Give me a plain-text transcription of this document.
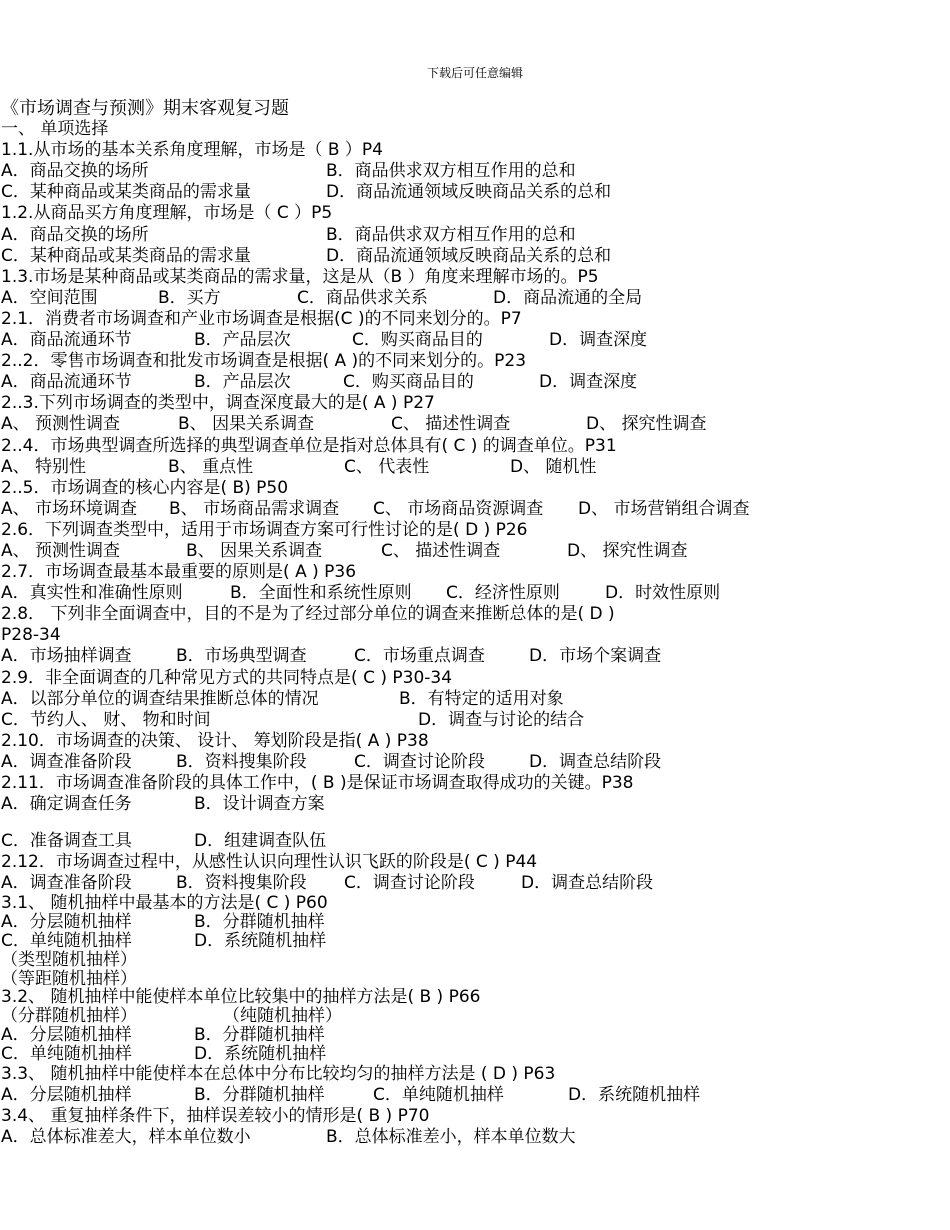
下载后可任意编辑
《市场调查与预测》期末客观复习题
一、 单项选择
1.1.从市场的基本关系角度理解，市场是（ B ）P4
A．商品交换的场所	B．商品供求双方相互作用的总和
C．某种商品或某类商品的需求量	D．商品流通领域反映商品关系的总和
1.2.从商品买方角度理解，市场是（ C ）P5
A．商品交换的场所	B．商品供求双方相互作用的总和
C．某种商品或某类商品的需求量	D．商品流通领域反映商品关系的总和
1.3.市场是某种商品或某类商品的需求量，这是从（B ）角度来理解市场的。P5
A．空间范围	B．买方	C．商品供求关系	D．商品流通的全局
2.1．消费者市场调查和产业市场调查是根据(C )的不同来划分的。P7
A．商品流通环节	B．产品层次	C．购买商品目的	D．调查深度
2..2．零售市场调查和批发市场调查是根据( A )的不同来划分的。P23
A．商品流通环节	B．产品层次	C．购买商品目的	D．调查深度
2..3.下列市场调查的类型中，调查深度最大的是( A ) P27
A、 预测性调查	B、 因果关系调查	C、 描述性调查	D、 探究性调查
2..4．市场典型调查所选择的典型调查单位是指对总体具有( C ) 的调查单位。P31
A、 特别性	B、 重点性	C、 代表性	D、 随机性
2..5．市场调查的核心内容是( B) P50
A、 市场环境调查 B、 市场商品需求调查 C、 市场商品资源调查 D、 市场营销组合调查
2.6．下列调查类型中，适用于市场调查方案可行性讨论的是( D ) P26
A、 预测性调查	B、 因果关系调查	C、 描述性调查	D、 探究性调查
2.7．市场调查最基本最重要的原则是( A ) P36
A．真实性和准确性原则	B．全面性和系统性原则 C．经济性原则	D．时效性原则
2.8． 下列非全面调查中，目的不是为了经过部分单位的调查来推断总体的是( D )
P28-34
A．市场抽样调查	B．市场典型调查	C．市场重点调查	D．市场个案调查
2.9．非全面调查的几种常见方式的共同特点是( C ) P30-34
A．以部分单位的调查结果推断总体的情况	B．有特定的适用对象
C．节约人、 财、 物和时间	D．调查与讨论的结合
2.10．市场调查的决策、 设计、 筹划阶段是指( A ) P38
A．调查准备阶段	B．资料搜集阶段	C．调查讨论阶段	D．调查总结阶段
2.11．市场调查准备阶段的具体工作中，( B )是保证市场调查取得成功的关键。P38
A．确定调查任务	B．设计调查方案
C．准备调查工具	D．组建调查队伍
2.12．市场调查过程中，从感性认识向理性认识飞跃的阶段是( C ) P44
A．调查准备阶段	B．资料搜集阶段 C．调查讨论阶段	D．调查总结阶段
3.1、 随机抽样中最基本的方法是( C ) P60
A．分层随机抽样	B．分群随机抽样
C．单纯随机抽样	D．系统随机抽样
（类型随机抽样）
（等距随机抽样）
3.2、 随机抽样中能使样本单位比较集中的抽样方法是( B ) P66
（分群随机抽样）	（纯随机抽样）
A．分层随机抽样	B．分群随机抽样
C．单纯随机抽样	D．系统随机抽样
3.3、 随机抽样中能使样本在总体中分布比较均匀的抽样方法是 ( D ) P63
A．分层随机抽样	B．分群随机抽样	C．单纯随机抽样	D．系统随机抽样
3.4、 重复抽样条件下，抽样误差较小的情形是( B ) P70
A．总体标准差大，样本单位数小	B．总体标准差小，样本单位数大
